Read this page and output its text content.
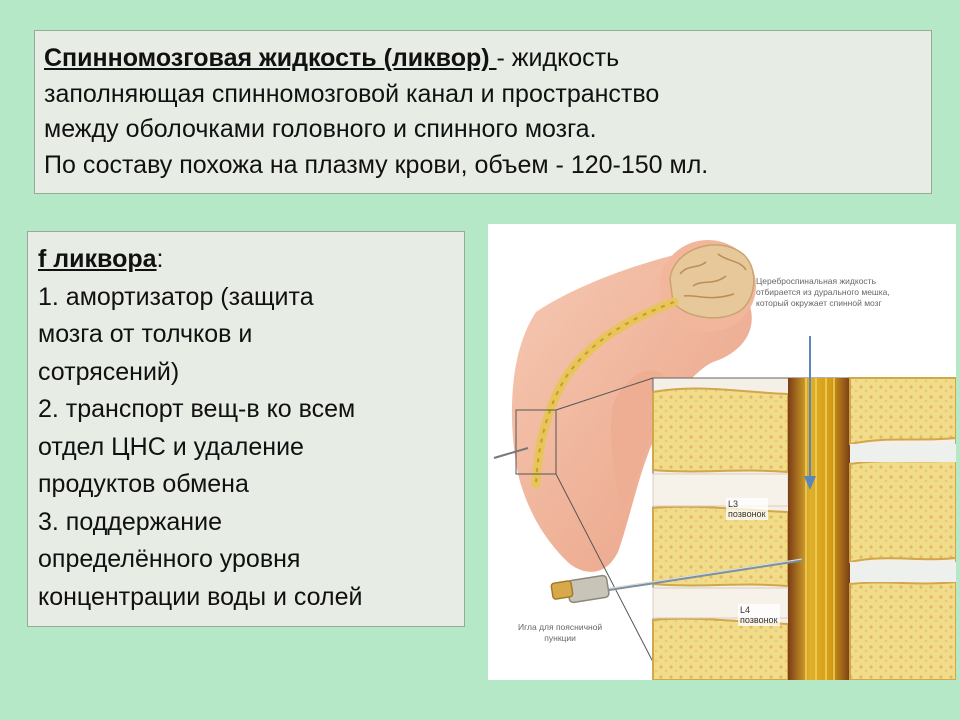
Спинномозговая жидкость (ликвор) - жидкость

заполняющая спинномозговой канал и пространство

между оболочками головного и спинного мозга.

По составу похожа на плазму крови, объем - 120-150 мл.

f ликвора:
1. амортизатор (защита
мозга от толчков и
сотрясений)
2. транспорт вещ-в ко всем
отдел ЦНС и удаление
продуктов обмена
3. поддержание
определённого уровня
концентрации воды и солей
Цереброспинальная жидкость
отбирается из дурального мешка,
который окружает спинной мозг
L3
позвонок
L4
позвонок
Игла для поясничной
пункции
